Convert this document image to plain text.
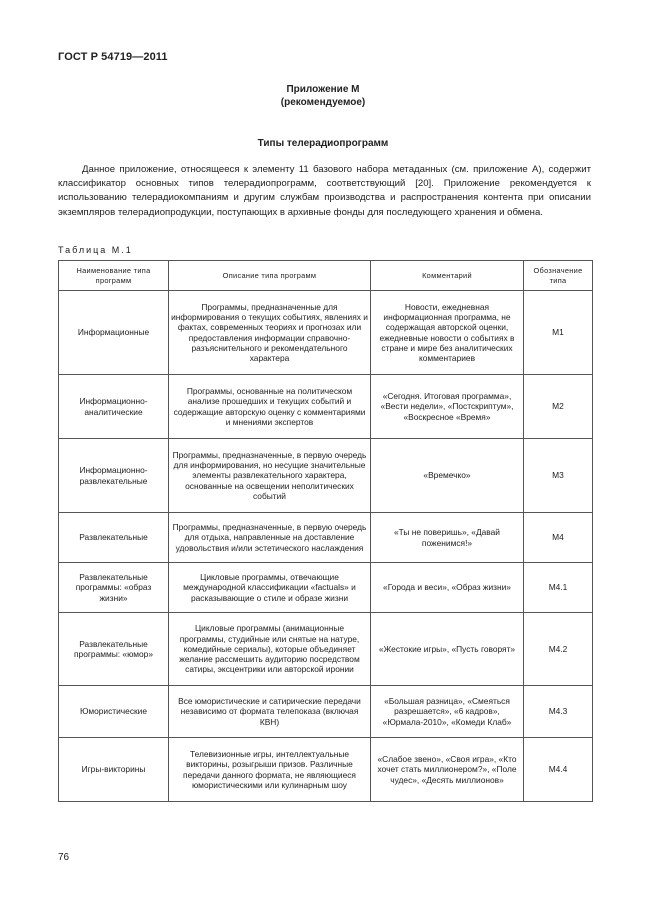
ГОСТ Р 54719—2011
Приложение М
(рекомендуемое)
Типы телерадиопрограмм

Данное приложение, относящееся к элементу 11 базового набора метаданных (см. приложение А), содержит классификатор основных типов телерадиопрограмм, соответствующий [20]. Приложение рекомендуется к использованию телерадиокомпаниям и другим службам производства и распространения контента при описании экземпляров телерадиопродукции, поступающих в архивные фонды для последующего хранения и обмена.

Таблица М.1
Наименование типа программ	Описание типа программ	Комментарий	Обозначение типа
Информационные	Программы, предназначенные для информирования о текущих событиях, явлениях и фактах, современных теориях и прогнозах или предоставления информации справочно-разъяснительного и рекомендательного характера	Новости, ежедневная информационная программа, не содержащая авторской оценки, ежедневные новости о событиях в стране и мире без аналитических комментариев	М1
Информационно-аналитические	Программы, основанные на политическом анализе прошедших и текущих событий и содержащие авторскую оценку с комментариями и мнениями экспертов	«Сегодня. Итоговая программа», «Вести недели», «Постскриптум», «Воскресное «Время»	М2
Информационно-развлекательные	Программы, предназначенные, в первую очередь для информирования, но несущие значительные элементы развлекательного характера, основанные на освещении неполитических событий	«Времечко»	М3
Развлекательные	Программы, предназначенные, в первую очередь для отдыха, направленные на доставление удовольствия и/или эстетического наслаждения	«Ты не поверишь», «Давай поженимся!»	М4
Развлекательные программы: «образ жизни»	Цикловые программы, отвечающие международной классификации «factuals» и расказывающие о стиле и образе жизни	«Города и веси», «Образ жизни»	М4.1
Развлекательные программы: «юмор»	Цикловые программы (анимационные программы, студийные или снятые на натуре, комедийные сериалы), которые объединяет желание рассмешить аудиторию посредством сатиры, эксцентрики или авторской иронии	«Жестокие игры», «Пусть говорят»	М4.2
Юмористические	Все юмористические и сатирические передачи независимо от формата телепоказа (включая КВН)	«Большая разница», «Смеяться разрешается», «6 кадров», «Юрмала-2010», «Комеди Клаб»	М4.3
Игры-викторины	Телевизионные игры, интеллектуальные викторины, розыгрыши призов. Различные передачи данного формата, не являющиеся юмористическими или кулинарным шоу	«Слабое звено», «Своя игра», «Кто хочет стать миллионером?», «Поле чудес», «Десять миллионов»	М4.4
76
